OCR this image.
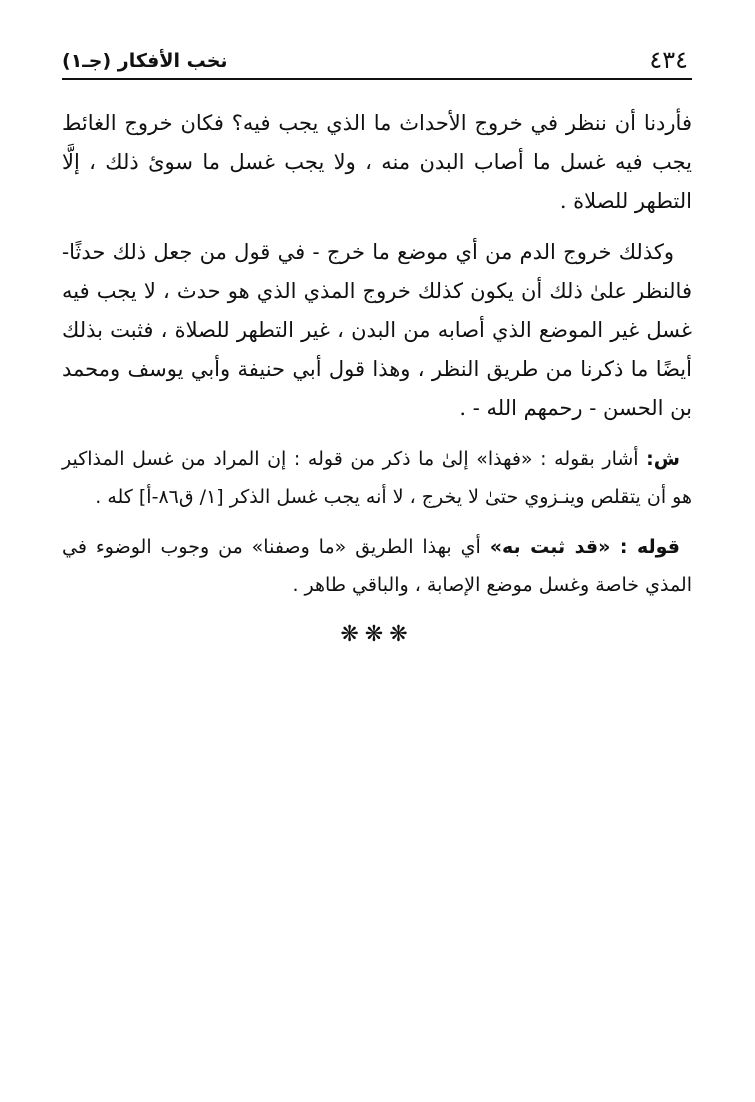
٤٣٤
نخب الأفكار (جـ١)

فأردنا أن ننظر في خروج الأحداث ما الذي يجب فيه؟ فكان خروج الغائط يجب فيه غسل ما أصاب البدن منه ، ولا يجب غسل ما سوئ ذلك ، إلَّا التطهر للصلاة .

وكذلك خروج الدم من أي موضع ما خرج - في قول من جعل ذلك حدثًا- فالنظر علىٰ ذلك أن يكون كذلك خروج المذي الذي هو حدث ، لا يجب فيه غسل غير الموضع الذي أصابه من البدن ، غير التطهر للصلاة ، فثبت بذلك أيضًا ما ذكرنا من طريق النظر ، وهذا قول أبي حنيفة وأبي يوسف ومحمد بن الحسن - رحمهم الله - .

ش: أشار بقوله : «فهذا» إلىٰ ما ذكر من قوله : إن المراد من غسل المذاكير هو أن يتقلص وينـزوي حتىٰ لا يخرج ، لا أنه يجب غسل الذكر [١/ ق٨٦-أ] كله .

قوله : «قد ثبت به» أي بهذا الطريق «ما وصفنا» من وجوب الوضوء في المذي خاصة وغسل موضع الإصابة ، والباقي طاهر .

❋❋❋
